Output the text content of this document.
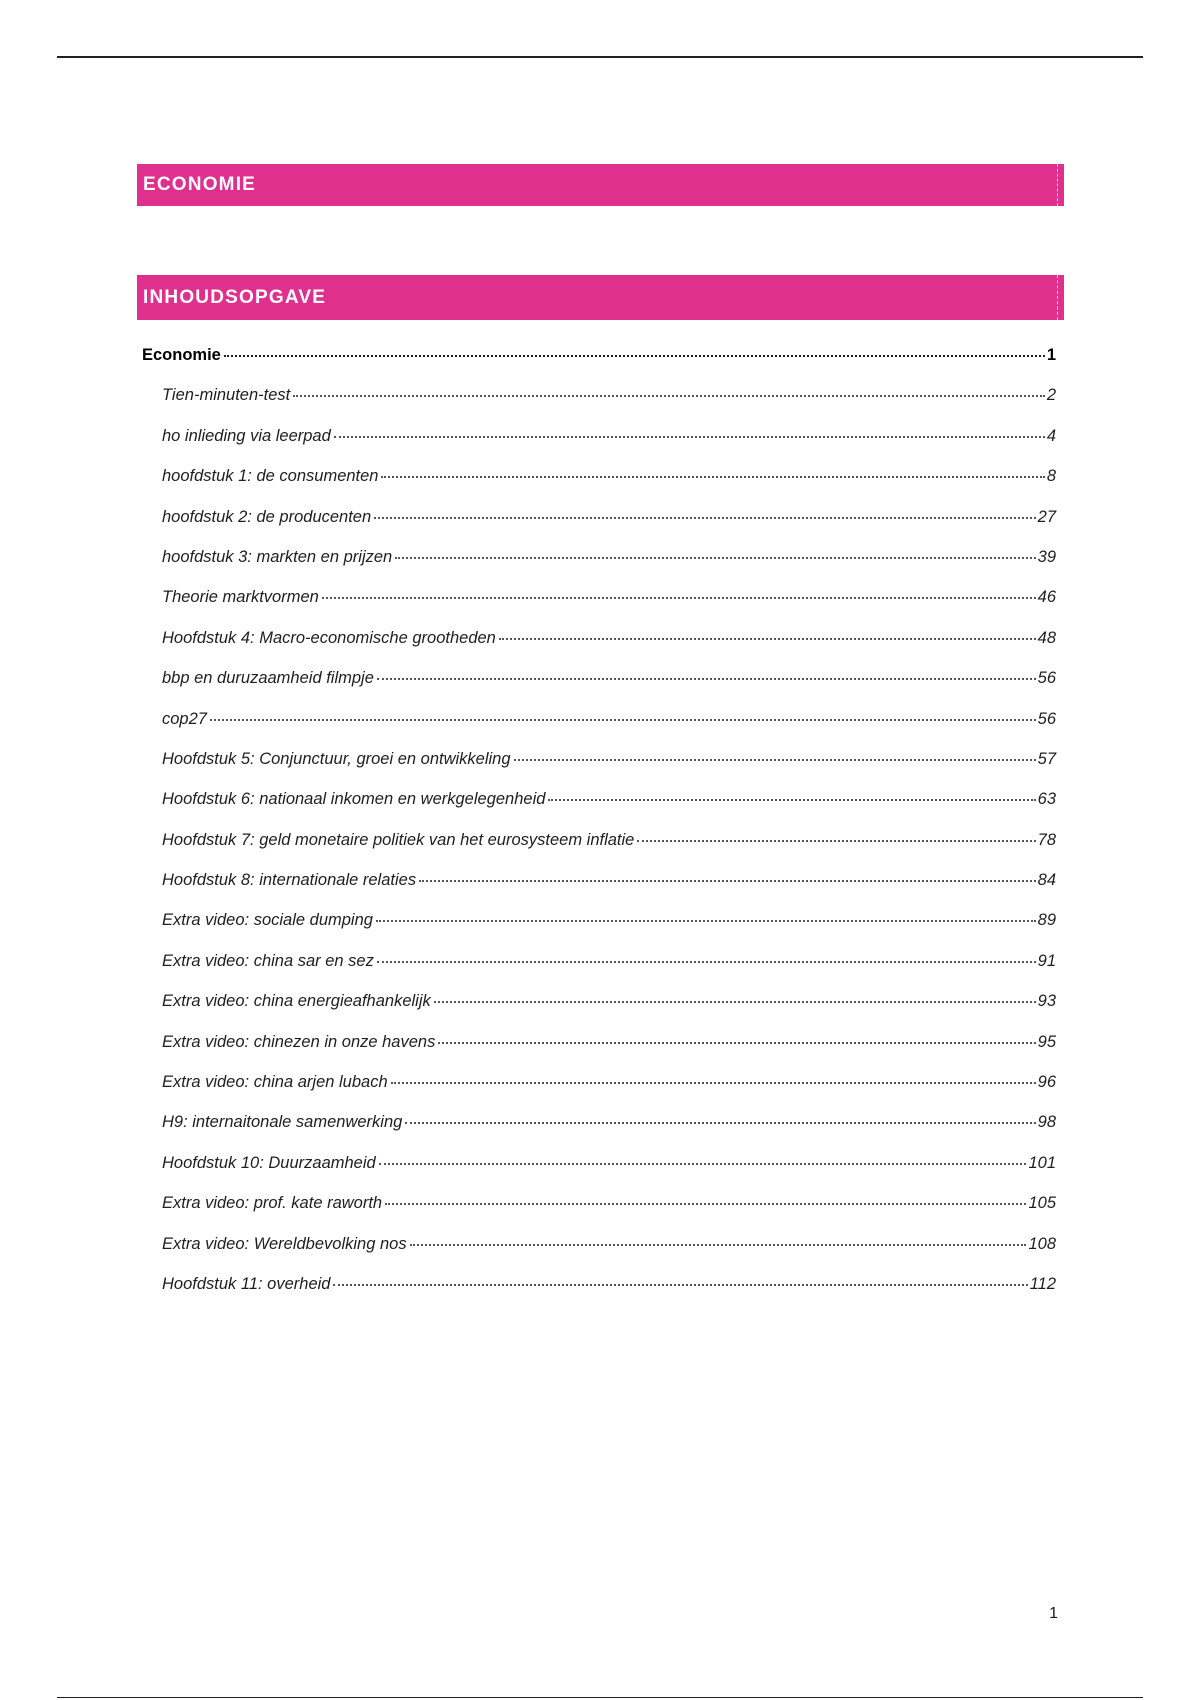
ECONOMIE
INHOUDSOPGAVE
Economie	1
Tien-minuten-test	2
ho inlieding via leerpad	4
hoofdstuk 1: de consumenten	8
hoofdstuk 2: de producenten	27
hoofdstuk 3: markten en prijzen	39
Theorie marktvormen	46
Hoofdstuk 4: Macro-economische grootheden	48
bbp en duruzaamheid filmpje	56
cop27	56
Hoofdstuk 5: Conjunctuur, groei en ontwikkeling	57
Hoofdstuk 6: nationaal inkomen en werkgelegenheid	63
Hoofdstuk 7: geld monetaire politiek van het eurosysteem inflatie	78
Hoofdstuk 8: internationale relaties	84
Extra video: sociale dumping	89
Extra video: china sar en sez	91
Extra video: china energieafhankelijk	93
Extra video: chinezen in onze havens	95
Extra video: china arjen lubach	96
H9: internaitonale samenwerking	98
Hoofdstuk 10: Duurzaamheid	101
Extra video: prof. kate raworth	105
Extra video: Wereldbevolking nos	108
Hoofdstuk 11: overheid	112
1
